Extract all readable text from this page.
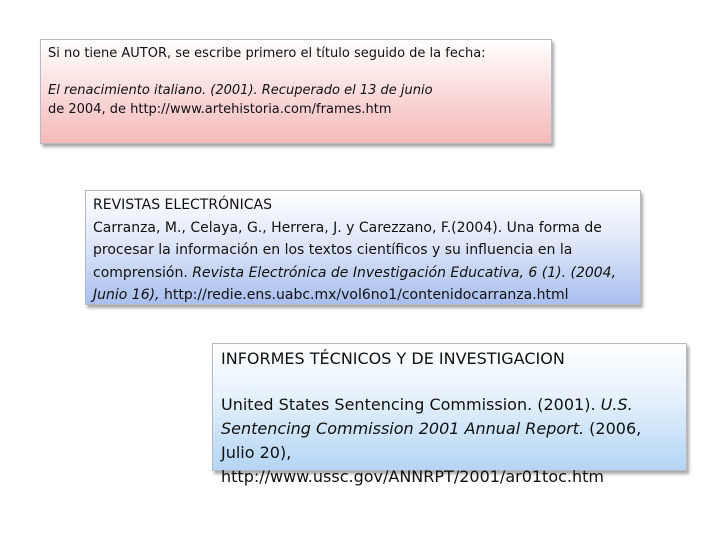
Si no tiene AUTOR, se escribe primero el título seguido de la fecha:

El renacimiento italiano. (2001). Recuperado el 13 de junio
de 2004, de http://www.artehistoria.com/frames.htm

REVISTAS ELECTRÓNICAS

Carranza, M., Celaya, G., Herrera, J. y Carezzano, F.(2004). Una forma de procesar la información en los textos científicos y su influencia en la comprensión. Revista Electrónica de Investigación Educativa, 6 (1). (2004, Junio 16), http://redie.ens.uabc.mx/vol6no1/contenidocarranza.html

INFORMES TÉCNICOS Y DE INVESTIGACION

United States Sentencing Commission. (2001). U.S. Sentencing Commission 2001 Annual Report. (2006, Julio 20), http://www.ussc.gov/ANNRPT/2001/ar01toc.htm
